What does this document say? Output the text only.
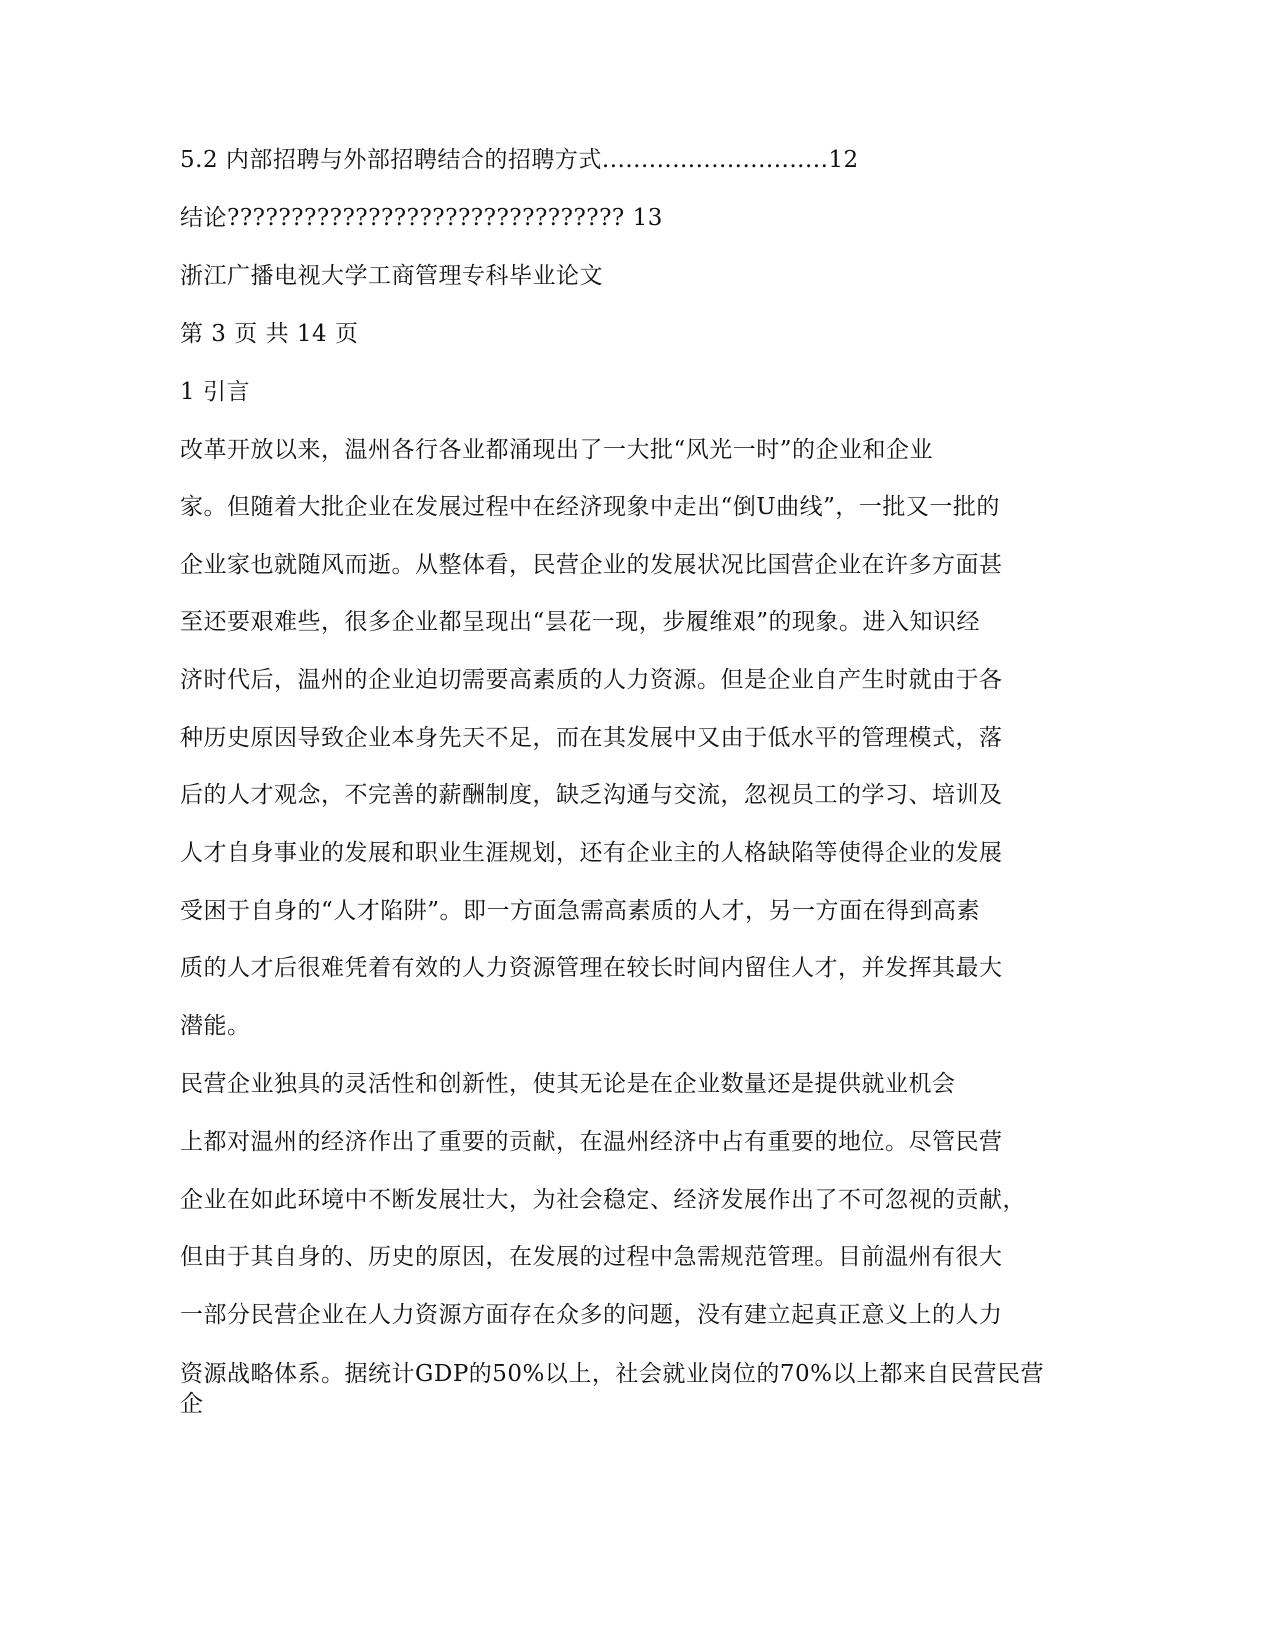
5.2 内部招聘与外部招聘结合的招聘方式.............................12
结论??????????????????????????????? 13
浙江广播电视大学工商管理专科毕业论文
第 3 页 共 14 页
1 引言
改革开放以来，温州各行各业都涌现出了一大批“风光一时”的企业和企业
家。但随着大批企业在发展过程中在经济现象中走出“倒U曲线”，一批又一批的
企业家也就随风而逝。从整体看，民营企业的发展状况比国营企业在许多方面甚
至还要艰难些，很多企业都呈现出“昙花一现，步履维艰”的现象。进入知识经
济时代后，温州的企业迫切需要高素质的人力资源。但是企业自产生时就由于各
种历史原因导致企业本身先天不足，而在其发展中又由于低水平的管理模式，落
后的人才观念，不完善的薪酬制度，缺乏沟通与交流，忽视员工的学习、培训及
人才自身事业的发展和职业生涯规划，还有企业主的人格缺陷等使得企业的发展
受困于自身的“人才陷阱”。即一方面急需高素质的人才，另一方面在得到高素
质的人才后很难凭着有效的人力资源管理在较长时间内留住人才，并发挥其最大
潜能。
民营企业独具的灵活性和创新性，使其无论是在企业数量还是提供就业机会
上都对温州的经济作出了重要的贡献，在温州经济中占有重要的地位。尽管民营
企业在如此环境中不断发展壮大，为社会稳定、经济发展作出了不可忽视的贡献，
但由于其自身的、历史的原因，在发展的过程中急需规范管理。目前温州有很大
一部分民营企业在人力资源方面存在众多的问题，没有建立起真正意义上的人力
资源战略体系。据统计GDP的50%以上，社会就业岗位的70%以上都来自民营民营企
